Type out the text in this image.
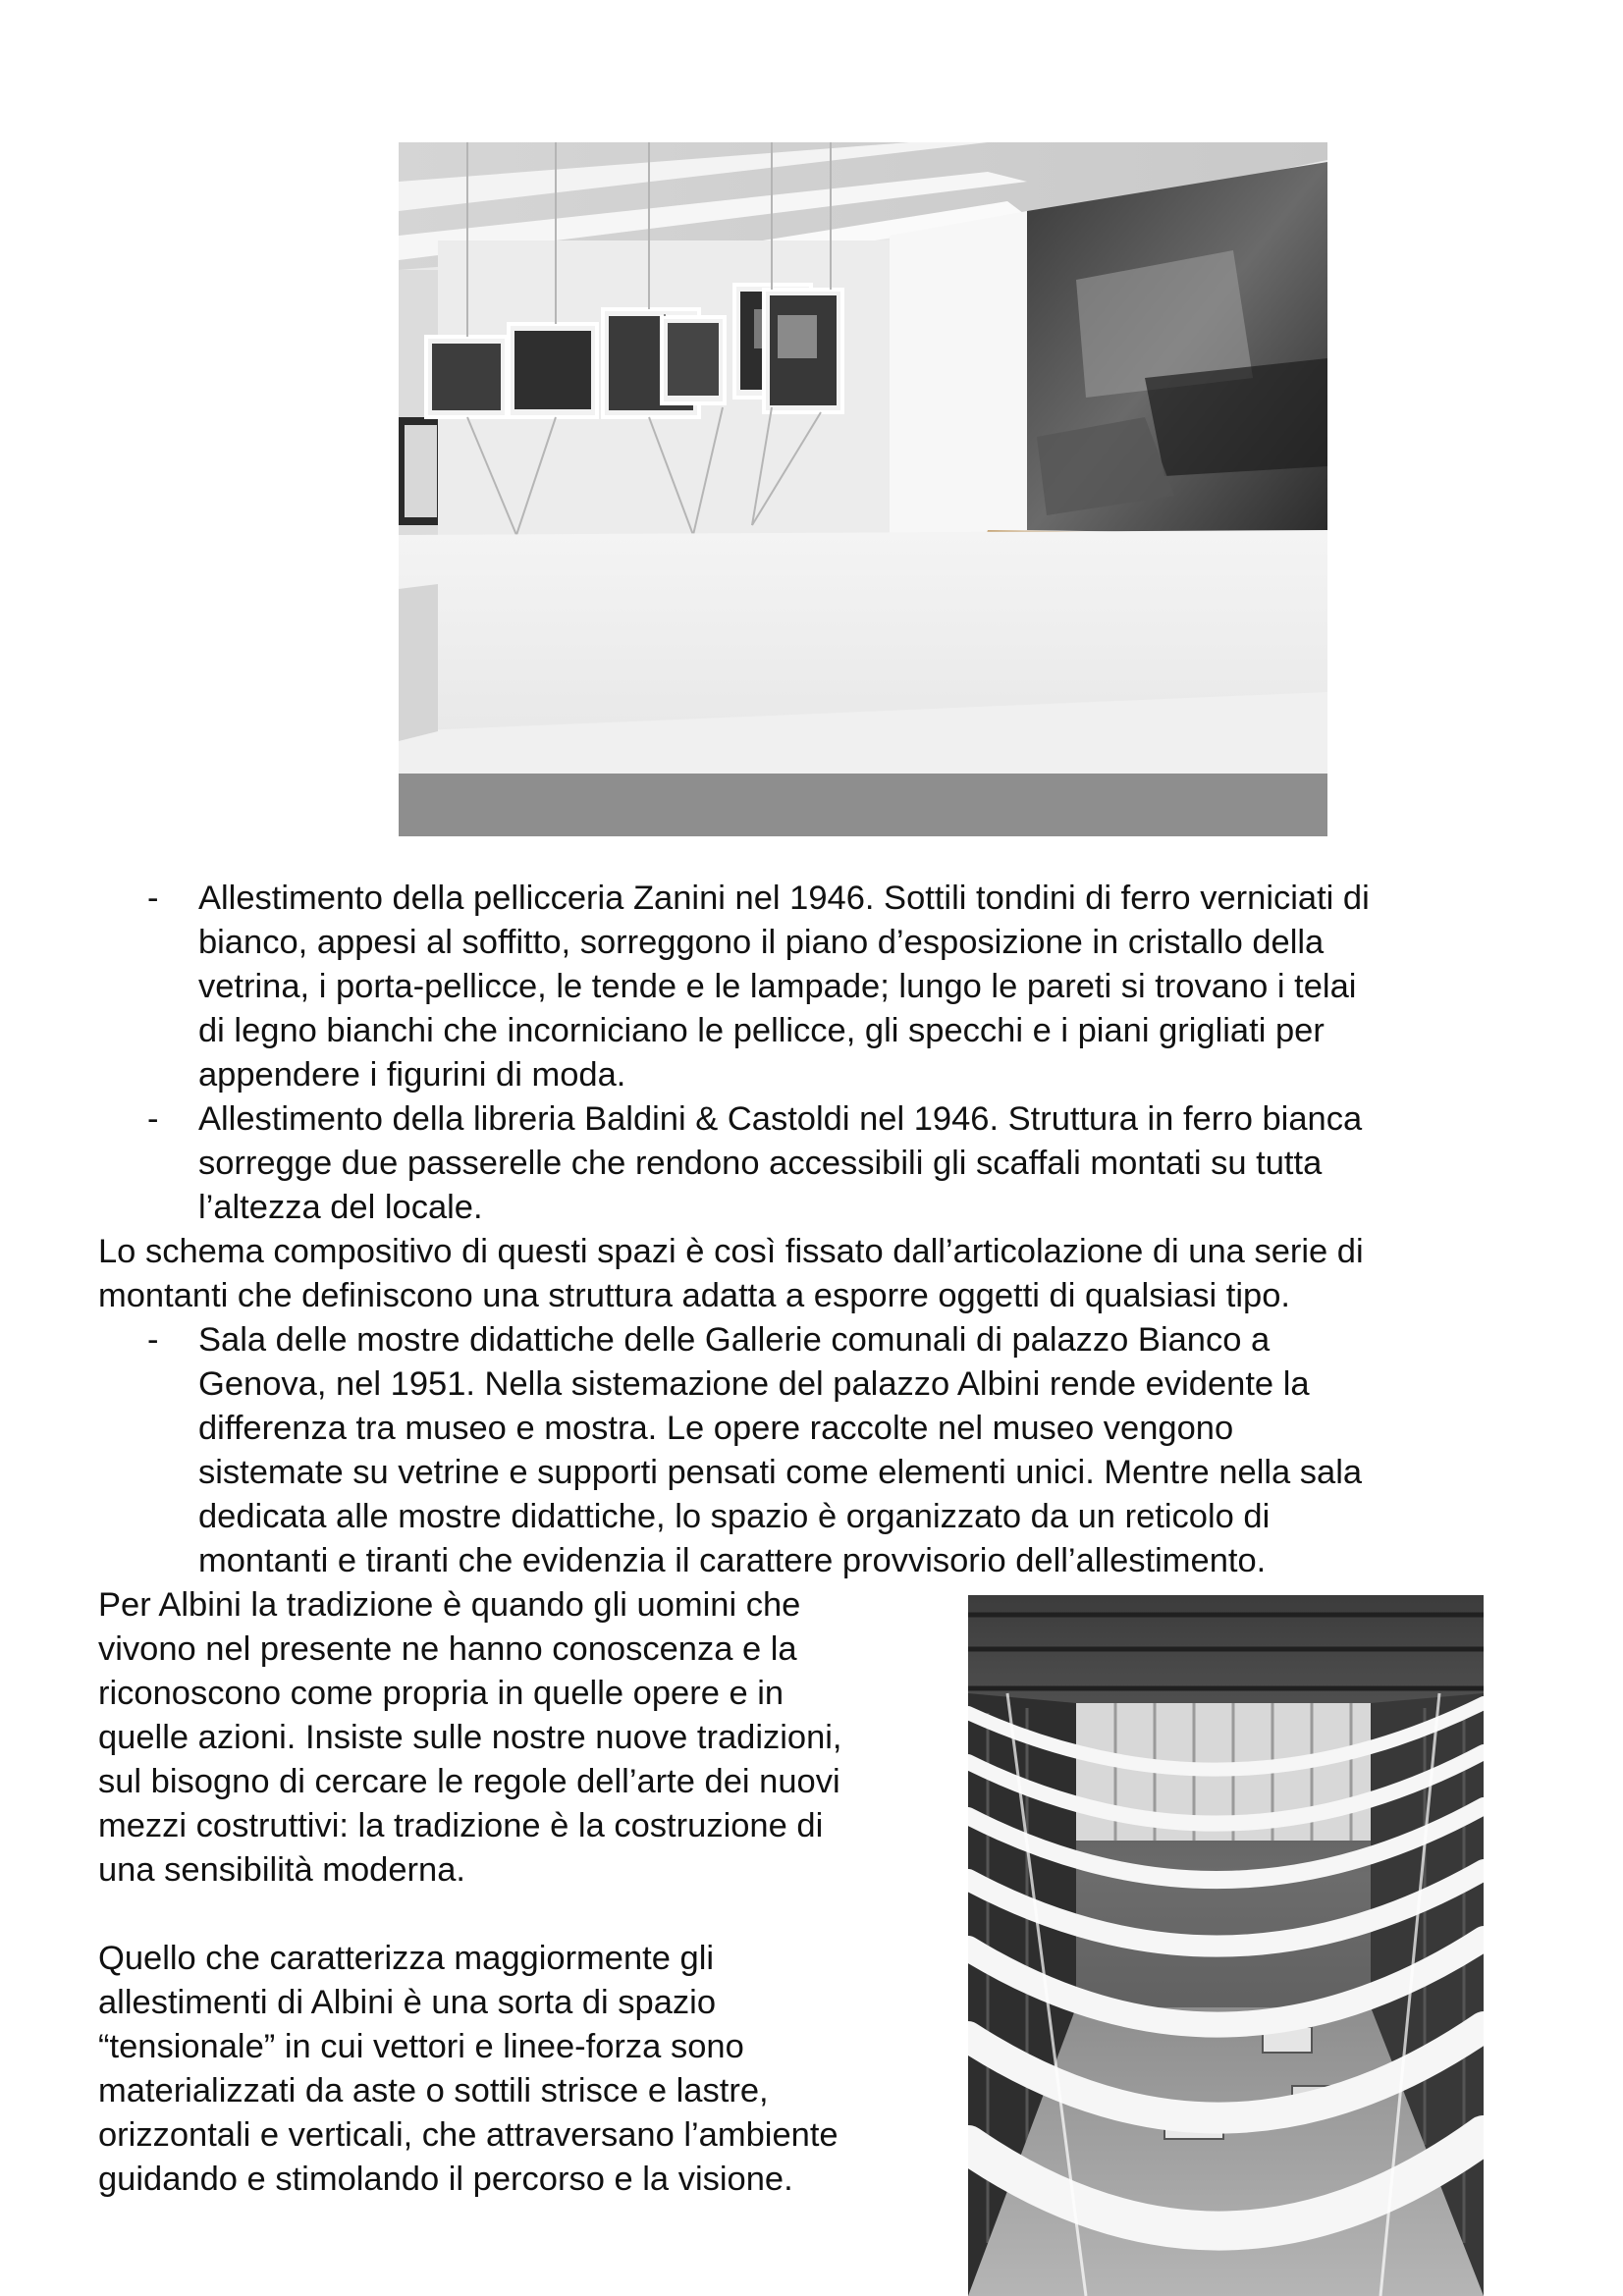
- Allestimento della pellicceria Zanini nel 1946. Sottili tondini di ferro verniciati di
bianco, appesi al soffitto, sorreggono il piano d’esposizione in cristallo della
vetrina, i porta-pellicce, le tende e le lampade; lungo le pareti si trovano i telai
di legno bianchi che incorniciano le pellicce, gli specchi e i piani grigliati per
appendere i figurini di moda.
- Allestimento della libreria Baldini & Castoldi nel 1946. Struttura in ferro bianca
sorregge due passerelle che rendono accessibili gli scaffali montati su tutta
l’altezza del locale.
Lo schema compositivo di questi spazi è così fissato dall’articolazione di una serie di
montanti che definiscono una struttura adatta a esporre oggetti di qualsiasi tipo.
- Sala delle mostre didattiche delle Gallerie comunali di palazzo Bianco a
Genova, nel 1951. Nella sistemazione del palazzo Albini rende evidente la
differenza tra museo e mostra. Le opere raccolte nel museo vengono
sistemate su vetrine e supporti pensati come elementi unici. Mentre nella sala
dedicata alle mostre didattiche, lo spazio è organizzato da un reticolo di
montanti e tiranti che evidenzia il carattere provvisorio dell’allestimento.
Per Albini la tradizione è quando gli uomini che
vivono nel presente ne hanno conoscenza e la
riconoscono come propria in quelle opere e in
quelle azioni. Insiste sulle nostre nuove tradizioni,
sul bisogno di cercare le regole dell’arte dei nuovi
mezzi costruttivi: la tradizione è la costruzione di
una sensibilità moderna.
Quello che caratterizza maggiormente gli
allestimenti di Albini è una sorta di spazio
“tensionale” in cui vettori e linee-forza sono
materializzati da aste o sottili strisce e lastre,
orizzontali e verticali, che attraversano l’ambiente
guidando e stimolando il percorso e la visione.
